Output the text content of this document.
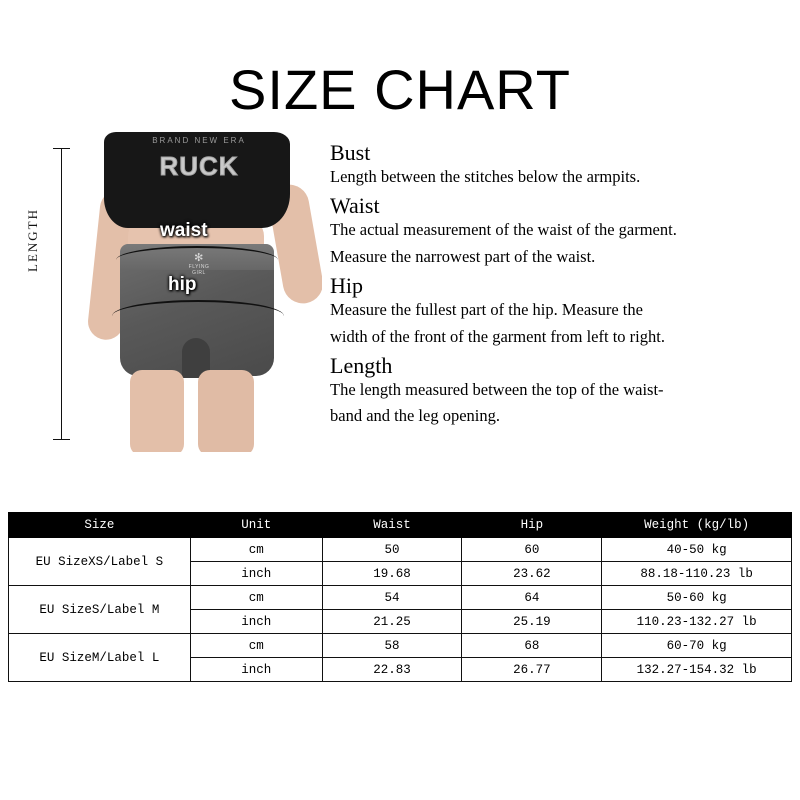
SIZE CHART
LENGTH
BRAND NEW ERA
RUCK
✻
FLYING GIRL
waist
hip
Bust

Length between the stitches below the armpits.

Waist

The actual measurement of the waist of the garment.

Measure the narrowest part of the waist.

Hip

Measure the fullest part of the hip. Measure the

width of the front of the garment from left to right.

Length

The length measured between the top of the waist-

band and the leg opening.

Size	Unit	Waist	Hip	Weight (kg/lb)
EU SizeXS/Label S	cm	50	60	40-50 kg
	inch	19.68	23.62	88.18-110.23 lb
EU SizeS/Label M	cm	54	64	50-60 kg
	inch	21.25	25.19	110.23-132.27 lb
EU SizeM/Label L	cm	58	68	60-70 kg
	inch	22.83	26.77	132.27-154.32 lb
